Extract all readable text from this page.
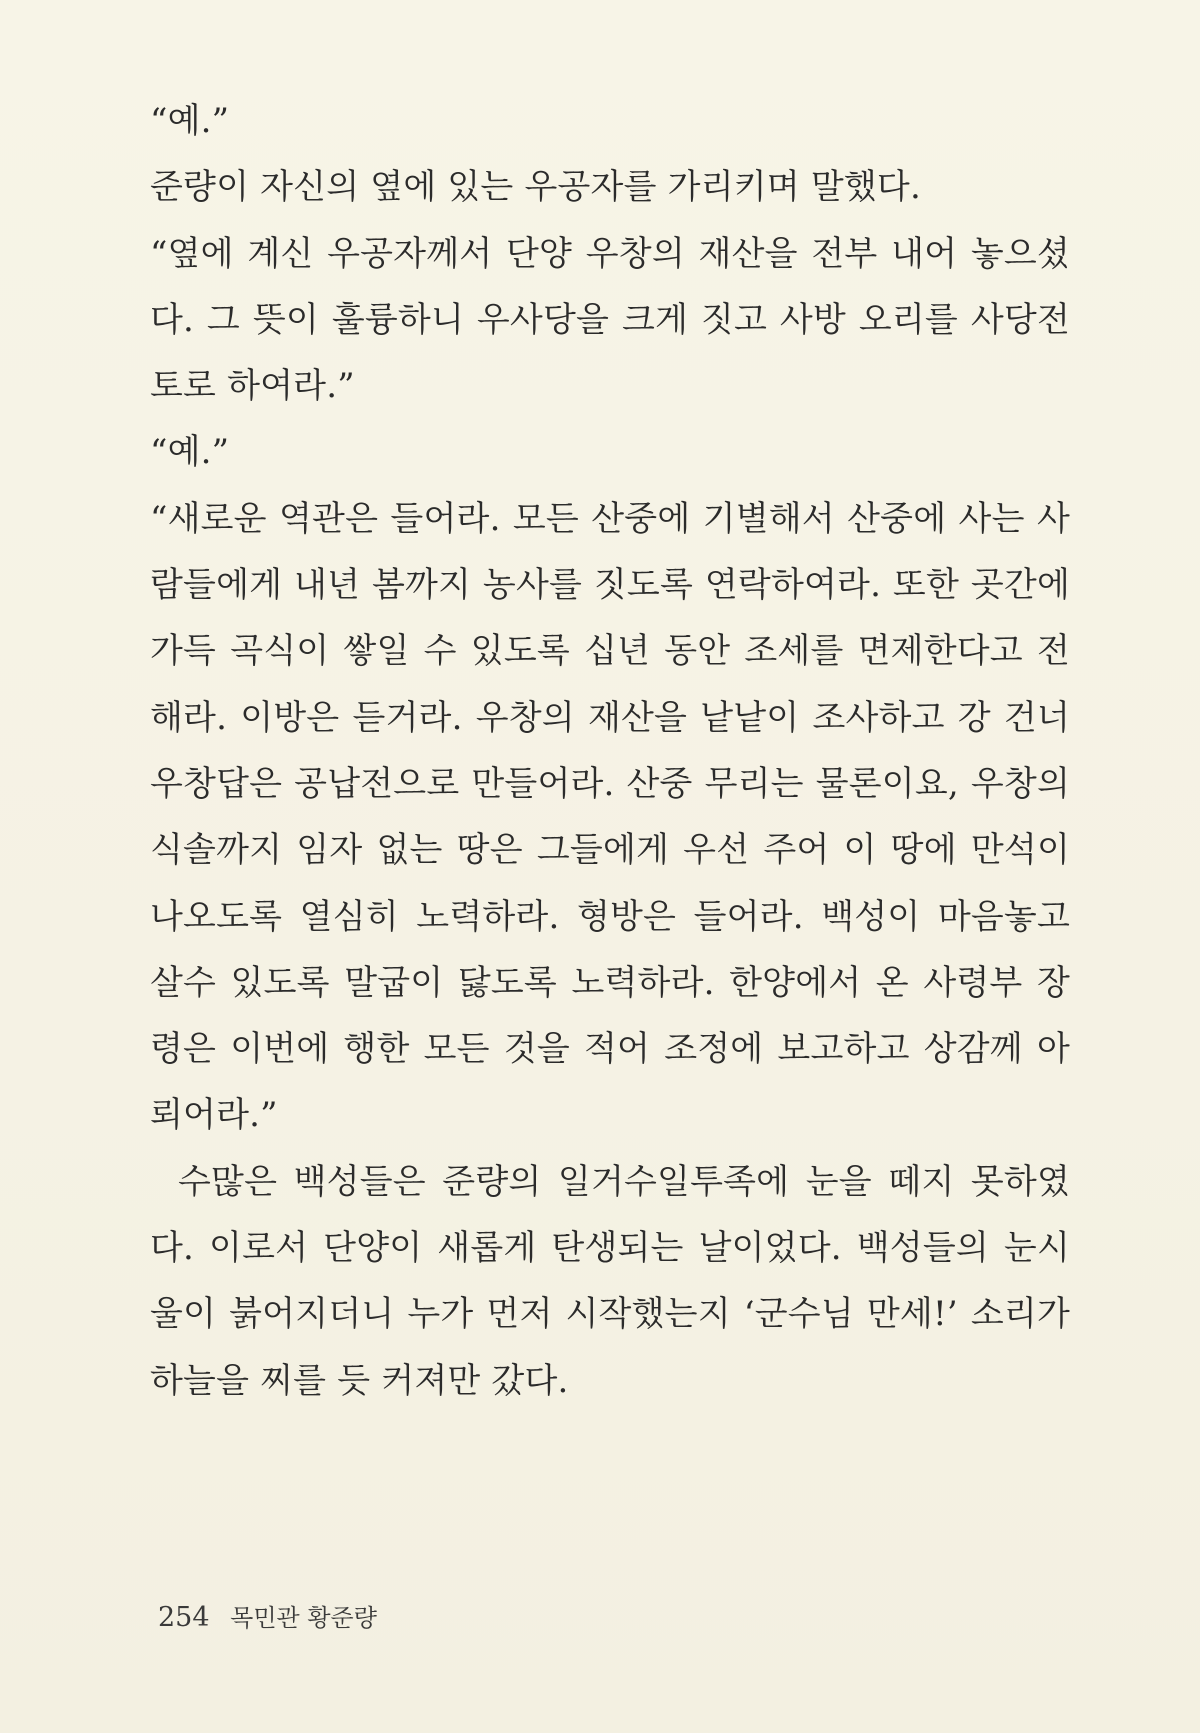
“예.”

준량이 자신의 옆에 있는 우공자를 가리키며 말했다.

“옆에 계신 우공자께서 단양 우창의 재산을 전부 내어 놓으셨다. 그 뜻이 훌륭하니 우사당을 크게 짓고 사방 오리를 사당전토로 하여라.”

“예.”

“새로운 역관은 들어라. 모든 산중에 기별해서 산중에 사는 사람들에게 내년 봄까지 농사를 짓도록 연락하여라. 또한 곳간에 가득 곡식이 쌓일 수 있도록 십년 동안 조세를 면제한다고 전해라. 이방은 듣거라. 우창의 재산을 낱낱이 조사하고 강 건너 우창답은 공납전으로 만들어라. 산중 무리는 물론이요, 우창의 식솔까지 임자 없는 땅은 그들에게 우선 주어 이 땅에 만석이 나오도록 열심히 노력하라. 형방은 들어라. 백성이 마음놓고 살수 있도록 말굽이 닳도록 노력하라. 한양에서 온 사령부 장령은 이번에 행한 모든 것을 적어 조정에 보고하고 상감께 아뢰어라.”

수많은 백성들은 준량의 일거수일투족에 눈을 떼지 못하였다. 이로서 단양이 새롭게 탄생되는 날이었다. 백성들의 눈시울이 붉어지더니 누가 먼저 시작했는지 ‘군수님 만세!’ 소리가 하늘을 찌를 듯 커져만 갔다.

254 목민관 황준량
